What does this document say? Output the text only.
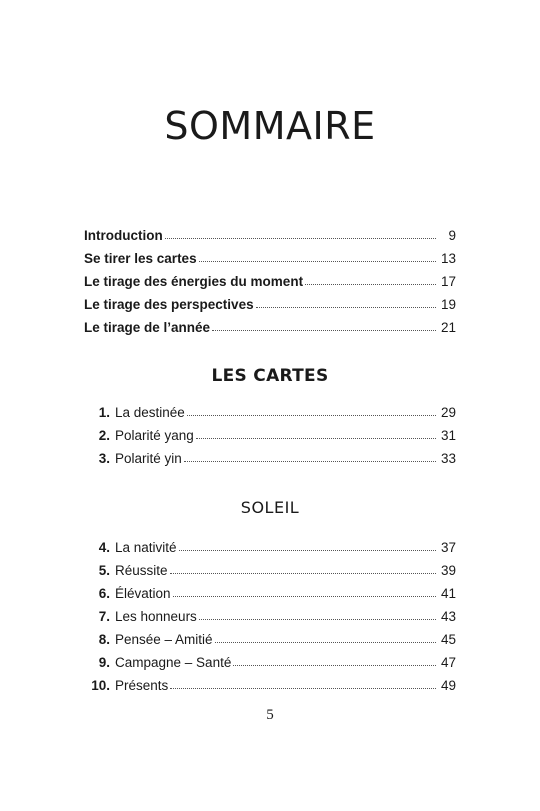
SOMMAIRE
Introduction	9
Se tirer les cartes	13
Le tirage des énergies du moment	17
Le tirage des perspectives	19
Le tirage de l’année	21
LES CARTES
1. La destinée	29
2. Polarité yang	31
3. Polarité yin	33
SOLEIL
4. La nativité	37
5. Réussite	39
6. Élévation	41
7. Les honneurs	43
8. Pensée – Amitié	45
9. Campagne – Santé	47
10. Présents	49
5
